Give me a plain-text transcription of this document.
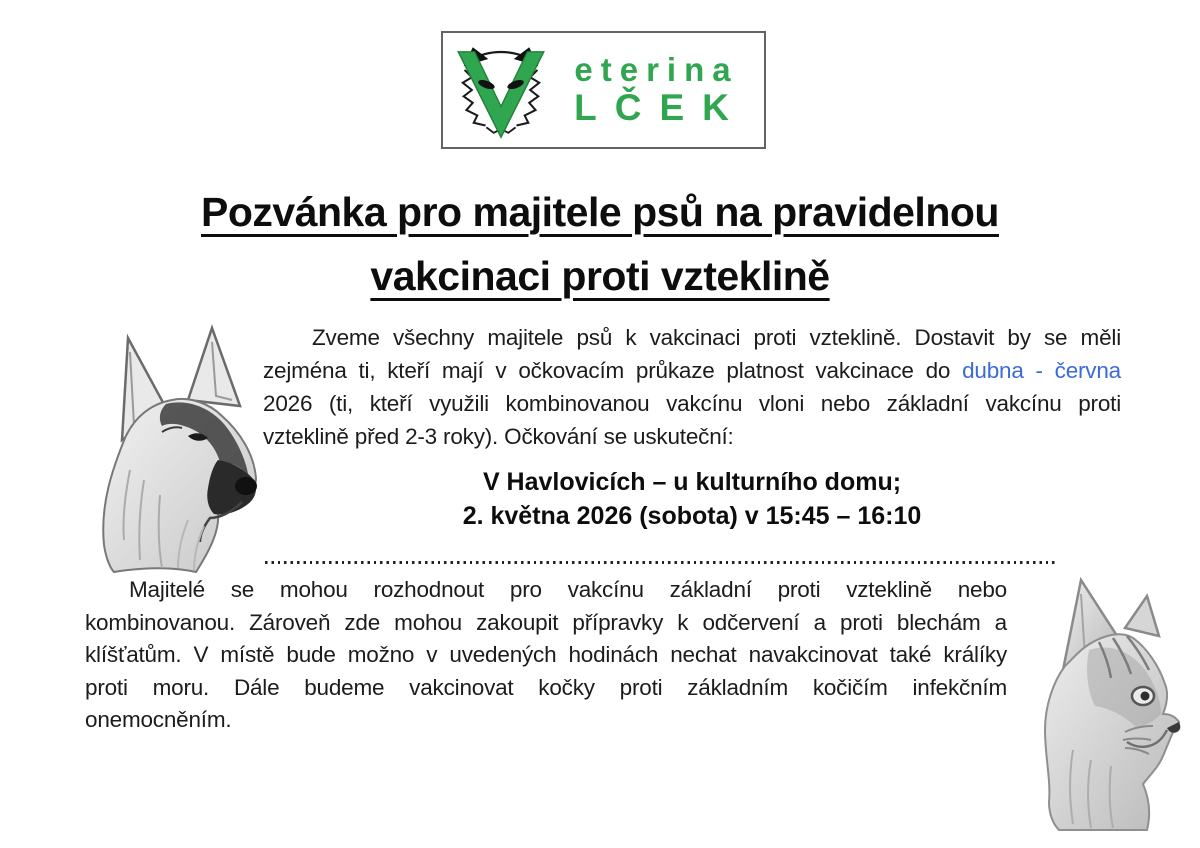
eterina
LČEK
Pozvánka pro majitele psů na pravidelnou
vakcinaci proti vzteklině
Zveme všechny majitele psů k vakcinaci proti vzteklině. Dostavit by se měli
zejména ti, kteří mají v očkovacím průkaze platnost vakcinace do dubna - června
2026 (ti, kteří využili kombinovanou vakcínu vloni nebo základní vakcínu proti
vzteklině před 2-3 roky). Očkování se uskuteční:
V Havlovicích – u kulturního domu;
2. května 2026 (sobota) v 15:45 – 16:10
Majitelé se mohou rozhodnout pro vakcínu základní proti vzteklině nebo
kombinovanou. Zároveň zde mohou zakoupit přípravky k odčervení a proti blechám a
klíšťatům. V místě bude možno v uvedených hodinách nechat navakcinovat také králíky
proti moru. Dále budeme vakcinovat kočky proti základním kočičím infekčním
onemocněním.
